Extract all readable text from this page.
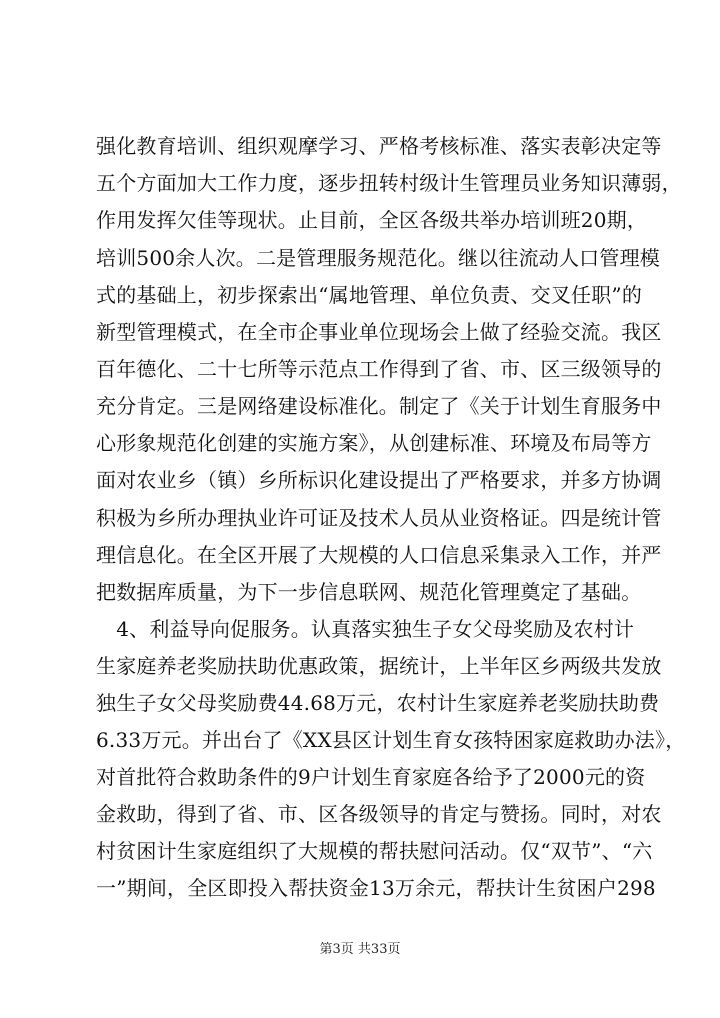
强化教育培训、组织观摩学习、严格考核标准、落实表彰决定等
五个方面加大工作力度，逐步扭转村级计生管理员业务知识薄弱，
作用发挥欠佳等现状。止目前，全区各级共举办培训班20期，
培训500余人次。二是管理服务规范化。继以往流动人口管理模
式的基础上，初步探索出“属地管理、单位负责、交叉任职”的
新型管理模式，在全市企事业单位现场会上做了经验交流。我区
百年德化、二十七所等示范点工作得到了省、市、区三级领导的
充分肯定。三是网络建设标准化。制定了《关于计划生育服务中
心形象规范化创建的实施方案》，从创建标准、环境及布局等方
面对农业乡（镇）乡所标识化建设提出了严格要求，并多方协调
积极为乡所办理执业许可证及技术人员从业资格证。四是统计管
理信息化。在全区开展了大规模的人口信息采集录入工作，并严
把数据库质量，为下一步信息联网、规范化管理奠定了基础。
　4、利益导向促服务。认真落实独生子女父母奖励及农村计
生家庭养老奖励扶助优惠政策，据统计，上半年区乡两级共发放
独生子女父母奖励费44.68万元，农村计生家庭养老奖励扶助费
6.33万元。并出台了《XX县区计划生育女孩特困家庭救助办法》，
对首批符合救助条件的9户计划生育家庭各给予了2000元的资
金救助，得到了省、市、区各级领导的肯定与赞扬。同时，对农
村贫困计生家庭组织了大规模的帮扶慰问活动。仅“双节”、“六
一”期间，全区即投入帮扶资金13万余元，帮扶计生贫困户298
第3页 共33页
